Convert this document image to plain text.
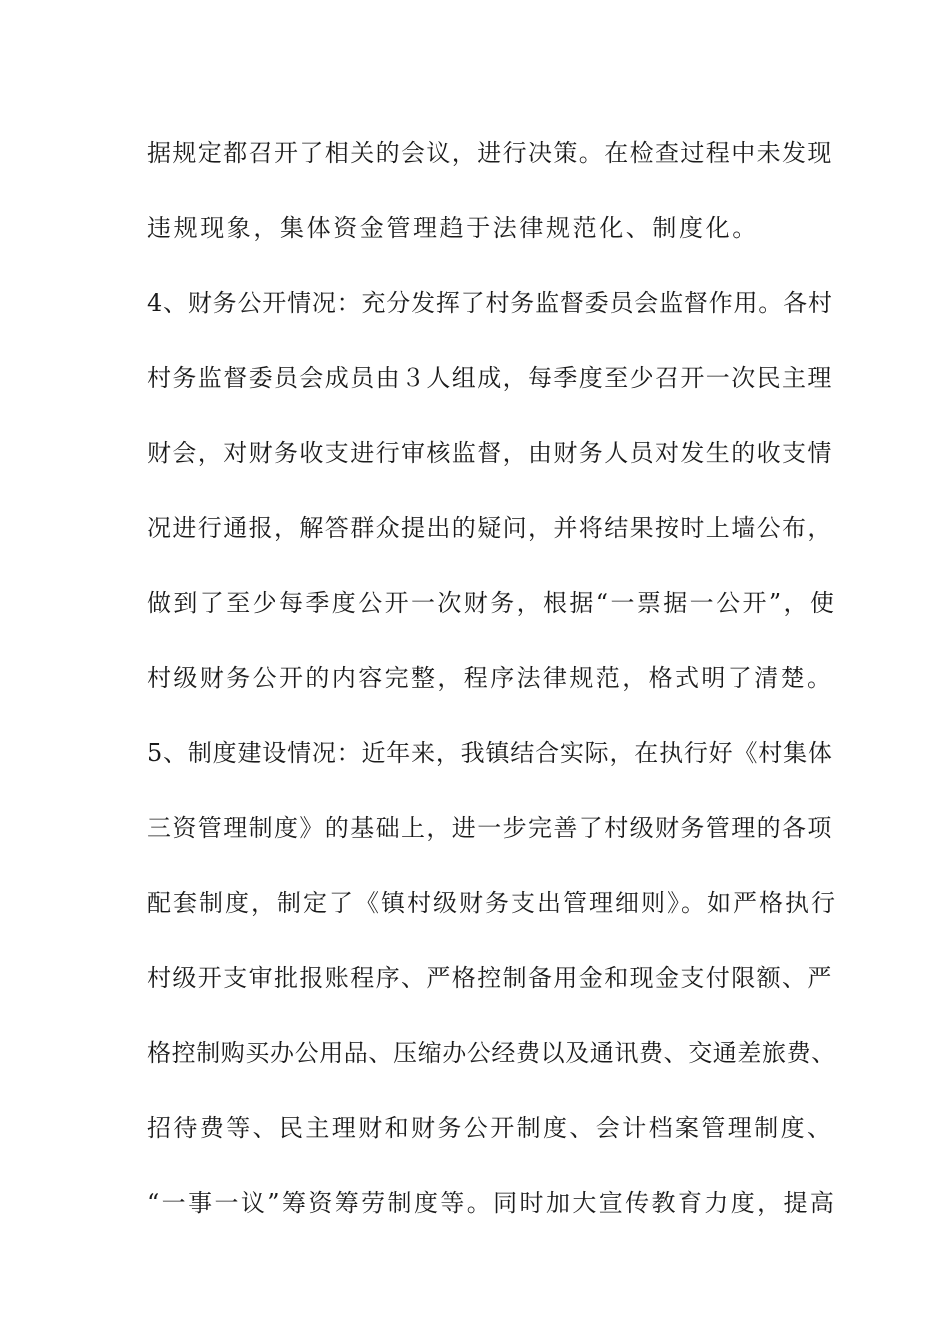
据规定都召开了相关的会议，进行决策。在检查过程中未发现
违规现象，集体资金管理趋于法律规范化、制度化。
4、财务公开情况：充分发挥了村务监督委员会监督作用。各村
村务监督委员会成员由３人组成，每季度至少召开一次民主理
财会，对财务收支进行审核监督，由财务人员对发生的收支情
况进行通报，解答群众提出的疑问，并将结果按时上墙公布，
做到了至少每季度公开一次财务，根据“一票据一公开”，使
村级财务公开的内容完整，程序法律规范，格式明了清楚。
5、制度建设情况：近年来，我镇结合实际，在执行好《村集体
三资管理制度》的基础上，进一步完善了村级财务管理的各项
配套制度，制定了《镇村级财务支出管理细则》。如严格执行
村级开支审批报账程序、严格控制备用金和现金支付限额、严
格控制购买办公用品、压缩办公经费以及通讯费、交通差旅费、
招待费等、民主理财和财务公开制度、会计档案管理制度、
“一事一议”筹资筹劳制度等。同时加大宣传教育力度，提高
